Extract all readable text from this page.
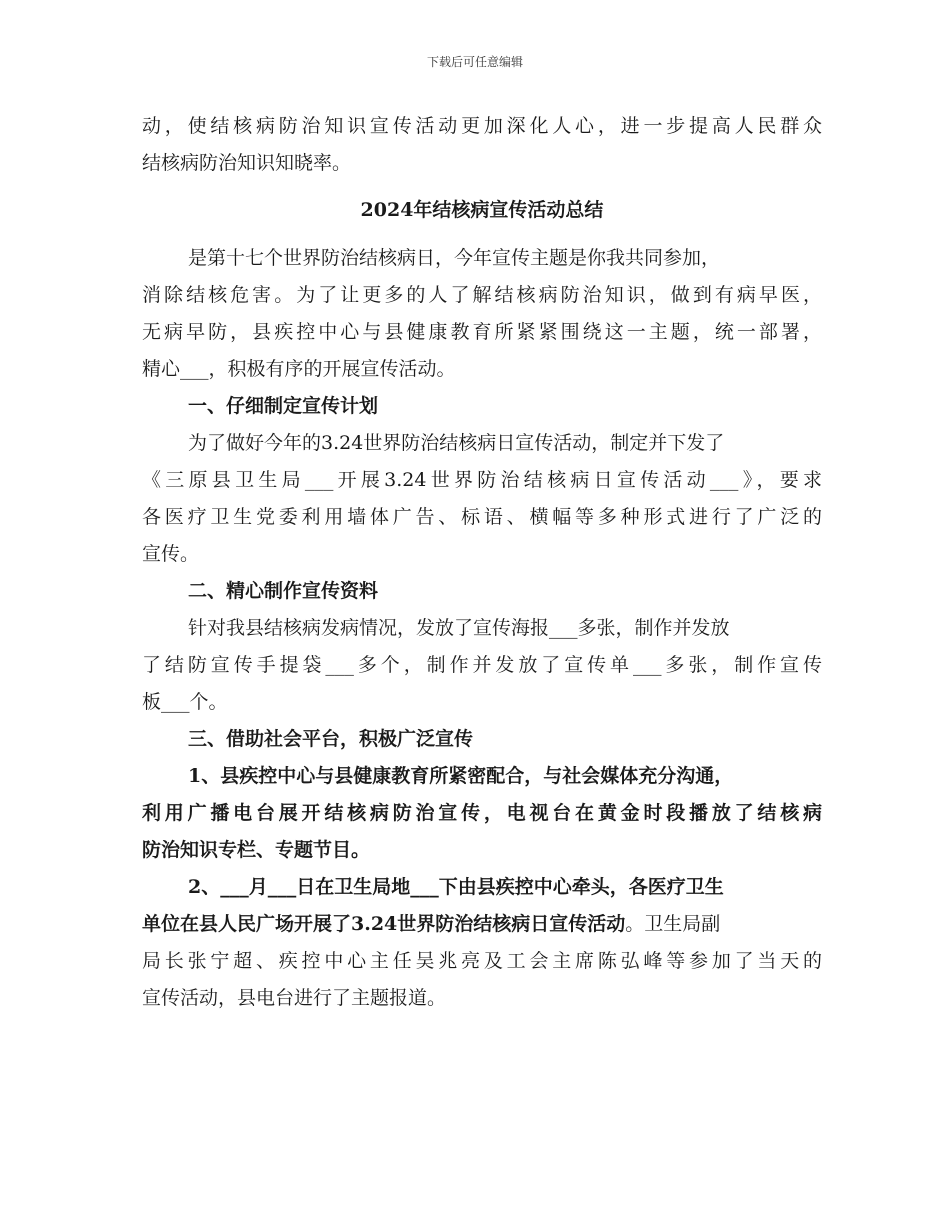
下载后可任意编辑
动，使结核病防治知识宣传活动更加深化人心，进一步提高人民群众
结核病防治知识知晓率。
2024年结核病宣传活动总结
是第十七个世界防治结核病日，今年宣传主题是你我共同参加，
消除结核危害。为了让更多的人了解结核病防治知识，做到有病早医，
无病早防，县疾控中心与县健康教育所紧紧围绕这一主题，统一部署，
精心___，积极有序的开展宣传活动。
一、仔细制定宣传计划
为了做好今年的3.24世界防治结核病日宣传活动，制定并下发了
《三原县卫生局___开展3.24世界防治结核病日宣传活动___》，要求
各医疗卫生党委利用墙体广告、标语、横幅等多种形式进行了广泛的
宣传。
二、精心制作宣传资料
针对我县结核病发病情况，发放了宣传海报___多张，制作并发放
了结防宣传手提袋___多个，制作并发放了宣传单___多张，制作宣传
板___个。
三、借助社会平台，积极广泛宣传
1、县疾控中心与县健康教育所紧密配合，与社会媒体充分沟通，
利用广播电台展开结核病防治宣传，电视台在黄金时段播放了结核病
防治知识专栏、专题节目。
2、___月___日在卫生局地___下由县疾控中心牵头，各医疗卫生
单位在县人民广场开展了3.24世界防治结核病日宣传活动。卫生局副
局长张宁超、疾控中心主任吴兆亮及工会主席陈弘峰等参加了当天的
宣传活动，县电台进行了主题报道。
